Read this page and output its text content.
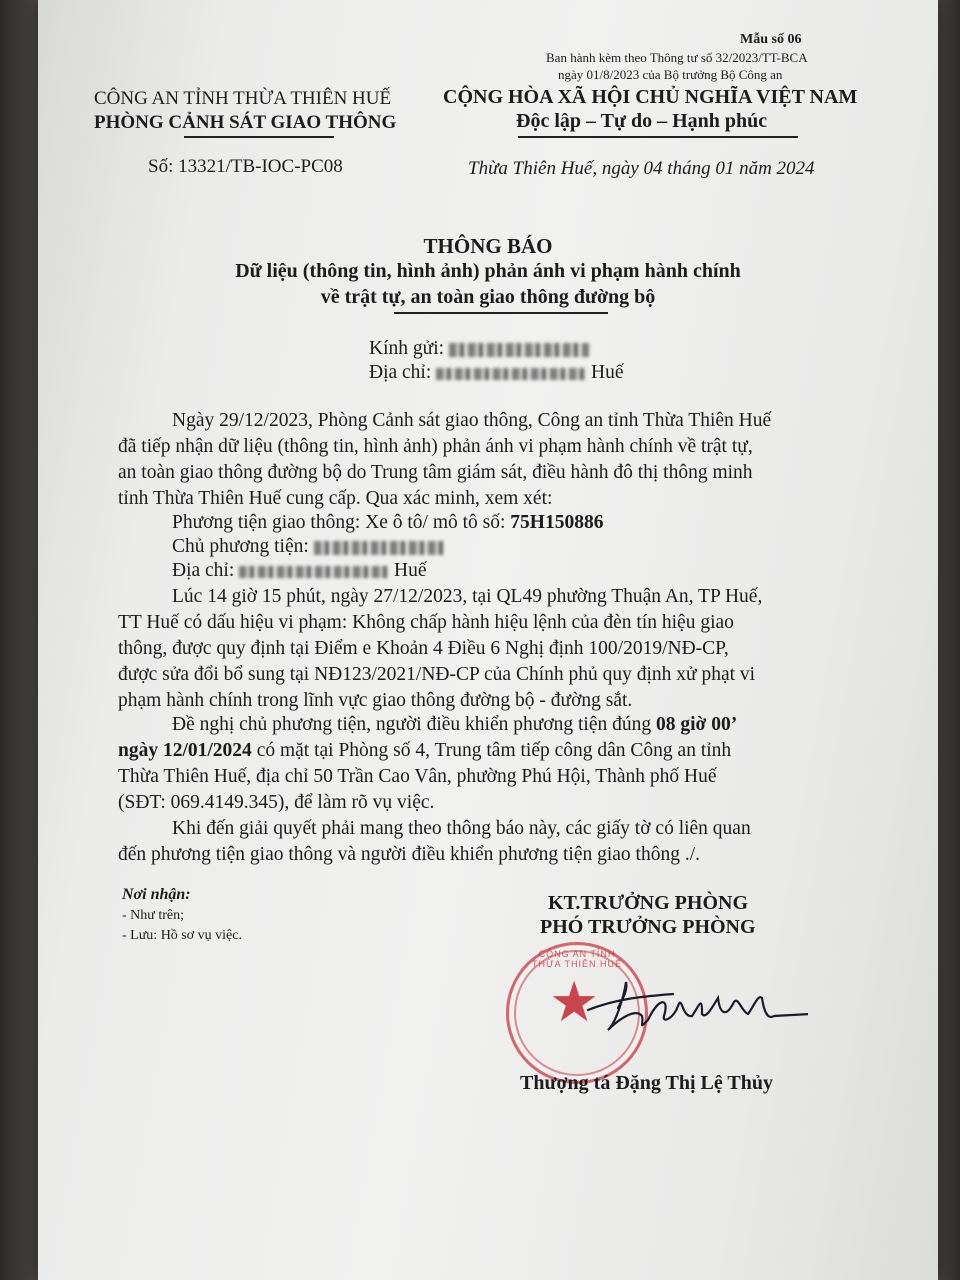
Mẫu số 06
Ban hành kèm theo Thông tư số 32/2023/TT-BCA
ngày 01/8/2023 của Bộ trưởng Bộ Công an
CÔNG AN TỈNH THỪA THIÊN HUẾ
PHÒNG CẢNH SÁT GIAO THÔNG
Số: 13321/TB-IOC-PC08
CỘNG HÒA XÃ HỘI CHỦ NGHĨA VIỆT NAM
Độc lập – Tự do – Hạnh phúc
Thừa Thiên Huế, ngày 04 tháng 01 năm 2024
THÔNG BÁO
Dữ liệu (thông tin, hình ảnh) phản ánh vi phạm hành chính
về trật tự, an toàn giao thông đường bộ
Kính gửi:
Địa chỉ:	Huế
Ngày 29/12/2023, Phòng Cảnh sát giao thông, Công an tỉnh Thừa Thiên Huế
đã tiếp nhận dữ liệu (thông tin, hình ảnh) phản ánh vi phạm hành chính về trật tự,
an toàn giao thông đường bộ do Trung tâm giám sát, điều hành đô thị thông minh
tỉnh Thừa Thiên Huế cung cấp. Qua xác minh, xem xét:
Phương tiện giao thông: Xe ô tô/ mô tô số: 75H150886
Chủ phương tiện:
Địa chỉ:	Huế
Lúc 14 giờ 15 phút, ngày 27/12/2023, tại QL49 phường Thuận An, TP Huế,
TT Huế có dấu hiệu vi phạm: Không chấp hành hiệu lệnh của đèn tín hiệu giao
thông, được quy định tại Điểm e Khoản 4 Điều 6 Nghị định 100/2019/NĐ-CP,
được sửa đổi bổ sung tại NĐ123/2021/NĐ-CP của Chính phủ quy định xử phạt vi
phạm hành chính trong lĩnh vực giao thông đường bộ - đường sắt.
Đề nghị chủ phương tiện, người điều khiển phương tiện đúng 08 giờ 00’
ngày 12/01/2024 có mặt tại Phòng số 4, Trung tâm tiếp công dân Công an tỉnh
Thừa Thiên Huế, địa chỉ 50 Trần Cao Vân, phường Phú Hội, Thành phố Huế
(SĐT: 069.4149.345), để làm rõ vụ việc.
Khi đến giải quyết phải mang theo thông báo này, các giấy tờ có liên quan
đến phương tiện giao thông và người điều khiển phương tiện giao thông ./.
Nơi nhận:
- Như trên;
- Lưu: Hồ sơ vụ việc.
KT.TRƯỞNG PHÒNG
PHÓ TRƯỞNG PHÒNG
CÔNG AN TỈNH THỪA THIÊN HUẾ
★
Thượng tá Đặng Thị Lệ Thủy
